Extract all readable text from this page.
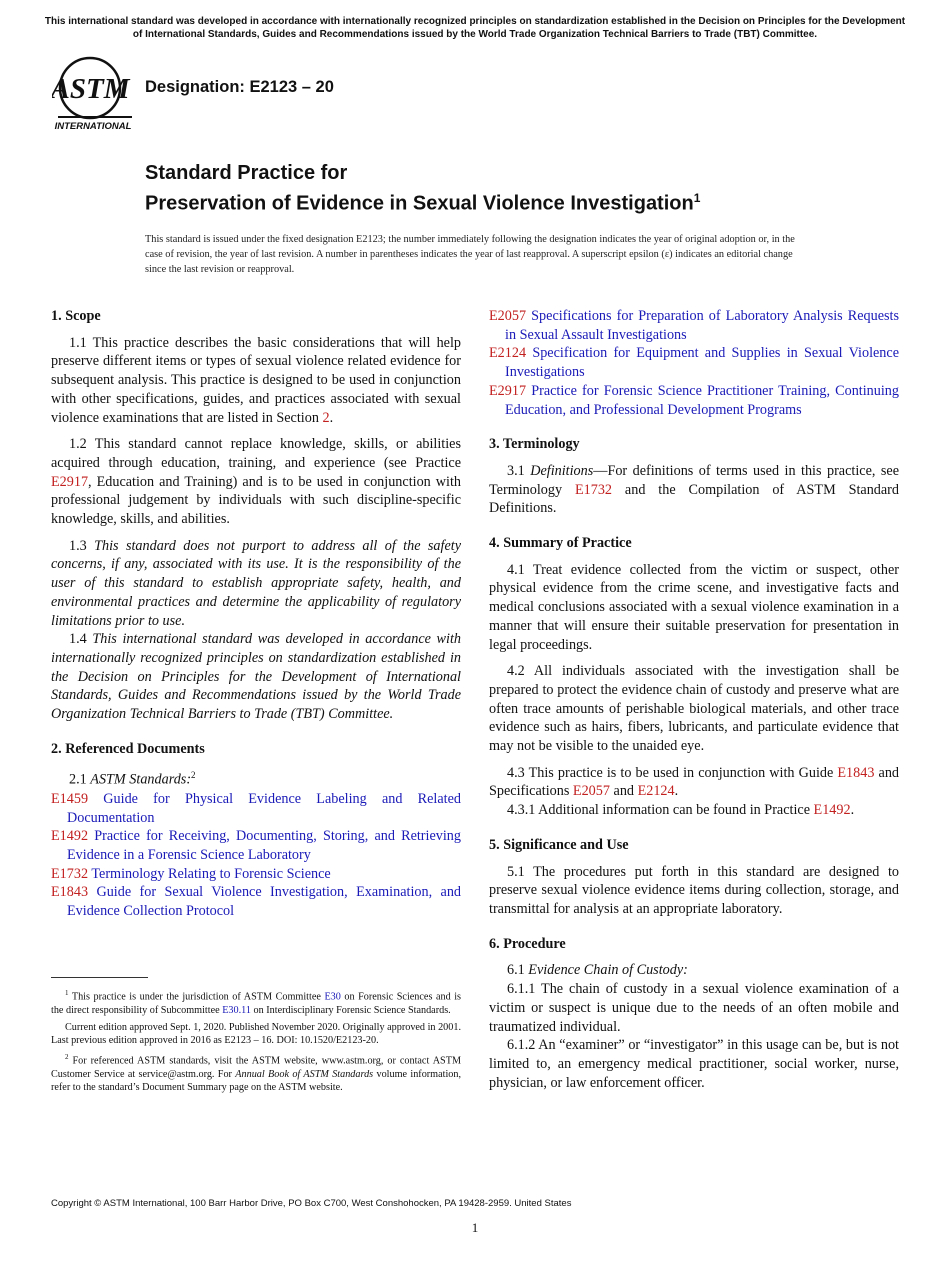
This international standard was developed in accordance with internationally recognized principles on standardization established in the Decision on Principles for the Development of International Standards, Guides and Recommendations issued by the World Trade Organization Technical Barriers to Trade (TBT) Committee.
ASTM
INTERNATIONAL
Designation: E2123 – 20
Standard Practice for
Preservation of Evidence in Sexual Violence Investigation$^1$
This standard is issued under the fixed designation E2123; the number immediately following the designation indicates the year of original adoption or, in the case of revision, the year of last revision. A number in parentheses indicates the year of last reapproval. A superscript epsilon (ε) indicates an editorial change since the last revision or reapproval.
1. Scope

1.1 This practice describes the basic considerations that will help preserve different items or types of sexual violence related evidence for subsequent analysis. This practice is designed to be used in conjunction with other specifications, guides, and practices associated with sexual violence examinations that are listed in Section 2.

1.2 This standard cannot replace knowledge, skills, or abilities acquired through education, training, and experience (see Practice E2917, Education and Training) and is to be used in conjunction with professional judgement by individuals with such discipline-specific knowledge, skills, and abilities.

1.3 This standard does not purport to address all of the safety concerns, if any, associated with its use. It is the responsibility of the user of this standard to establish appropriate safety, health, and environmental practices and determine the applicability of regulatory limitations prior to use.

1.4 This international standard was developed in accordance with internationally recognized principles on standardization established in the Decision on Principles for the Development of International Standards, Guides and Recommendations issued by the World Trade Organization Technical Barriers to Trade (TBT) Committee.

2. Referenced Documents

2.1 ASTM Standards:$^2$

E1459 Guide for Physical Evidence Labeling and Related Documentation
E1492 Practice for Receiving, Documenting, Storing, and Retrieving Evidence in a Forensic Science Laboratory
E1732 Terminology Relating to Forensic Science
E1843 Guide for Sexual Violence Investigation, Examination, and Evidence Collection Protocol

$^1$ This practice is under the jurisdiction of ASTM Committee E30 on Forensic Sciences and is the direct responsibility of Subcommittee E30.11 on Interdisciplinary Forensic Science Standards.

Current edition approved Sept. 1, 2020. Published November 2020. Originally approved in 2001. Last previous edition approved in 2016 as E2123 – 16. DOI: 10.1520/E2123-20.

$^2$ For referenced ASTM standards, visit the ASTM website, www.astm.org, or contact ASTM Customer Service at service@astm.org. For Annual Book of ASTM Standards volume information, refer to the standard’s Document Summary page on the ASTM website.

E2057 Specifications for Preparation of Laboratory Analysis Requests in Sexual Assault Investigations
E2124 Specification for Equipment and Supplies in Sexual Violence Investigations
E2917 Practice for Forensic Science Practitioner Training, Continuing Education, and Professional Development Programs
3. Terminology

3.1 Definitions—For definitions of terms used in this practice, see Terminology E1732 and the Compilation of ASTM Standard Definitions.

4. Summary of Practice

4.1 Treat evidence collected from the victim or suspect, other physical evidence from the crime scene, and investigative facts and medical conclusions associated with a sexual violence examination in a manner that will ensure their suitable preservation for presentation in legal proceedings.

4.2 All individuals associated with the investigation shall be prepared to protect the evidence chain of custody and preserve what are often trace amounts of perishable biological materials, and other trace evidence such as hairs, fibers, lubricants, and particulate evidence that may not be visible to the unaided eye.

4.3 This practice is to be used in conjunction with Guide E1843 and Specifications E2057 and E2124.

4.3.1 Additional information can be found in Practice E1492.

5. Significance and Use

5.1 The procedures put forth in this standard are designed to preserve sexual violence evidence items during collection, storage, and transmittal for analysis at an appropriate laboratory.

6. Procedure

6.1 Evidence Chain of Custody:

6.1.1 The chain of custody in a sexual violence examination of a victim or suspect is unique due to the needs of an often mobile and traumatized individual.

6.1.2 An “examiner” or “investigator” in this usage can be, but is not limited to, an emergency medical practitioner, social worker, nurse, physician, or law enforcement officer.

Copyright © ASTM International, 100 Barr Harbor Drive, PO Box C700, West Conshohocken, PA 19428-2959. United States
1
